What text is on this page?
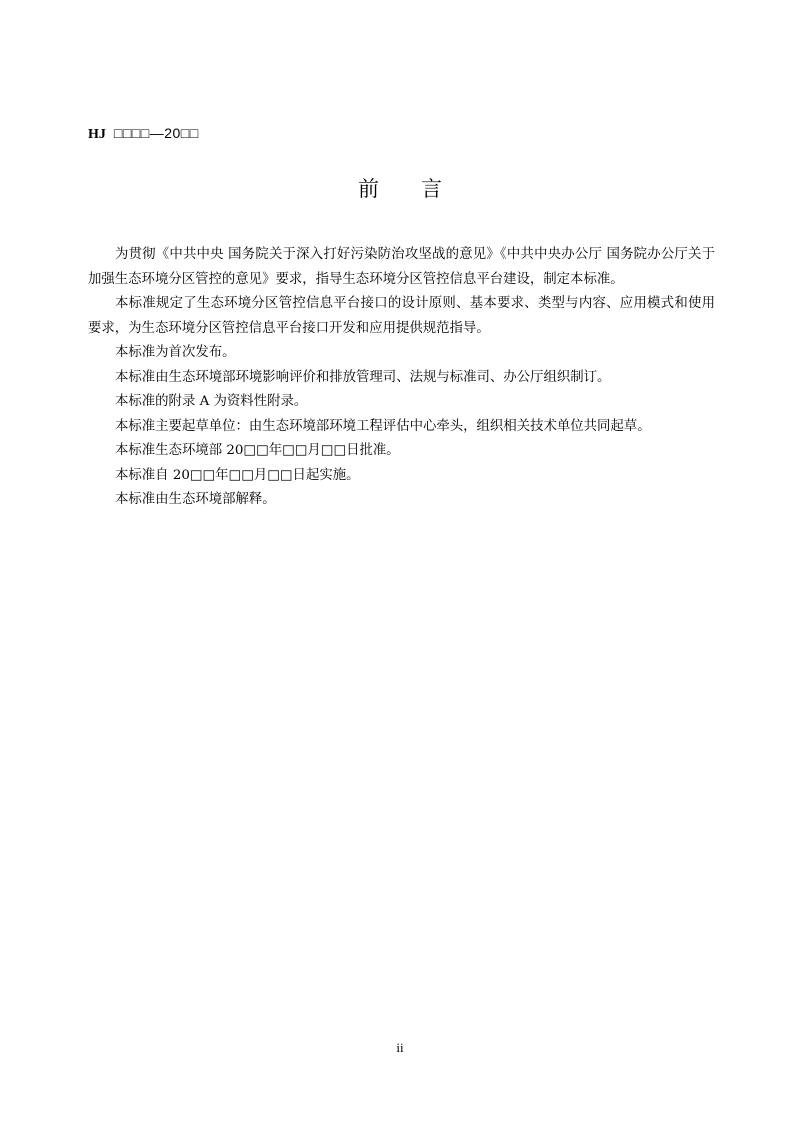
HJ □□□□—20□□
前言

为贯彻《中共中央 国务院关于深入打好污染防治攻坚战的意见》《中共中央办公厅 国务院办公厅关于加强生态环境分区管控的意见》要求，指导生态环境分区管控信息平台建设，制定本标准。

本标准规定了生态环境分区管控信息平台接口的设计原则、基本要求、类型与内容、应用模式和使用要求，为生态环境分区管控信息平台接口开发和应用提供规范指导。

本标准为首次发布。

本标准由生态环境部环境影响评价和排放管理司、法规与标准司、办公厅组织制订。

本标准的附录 A 为资料性附录。

本标准主要起草单位：由生态环境部环境工程评估中心牵头，组织相关技术单位共同起草。

本标准生态环境部 20□□年□□月□□日批准。

本标准自 20□□年□□月□□日起实施。

本标准由生态环境部解释。

ii
